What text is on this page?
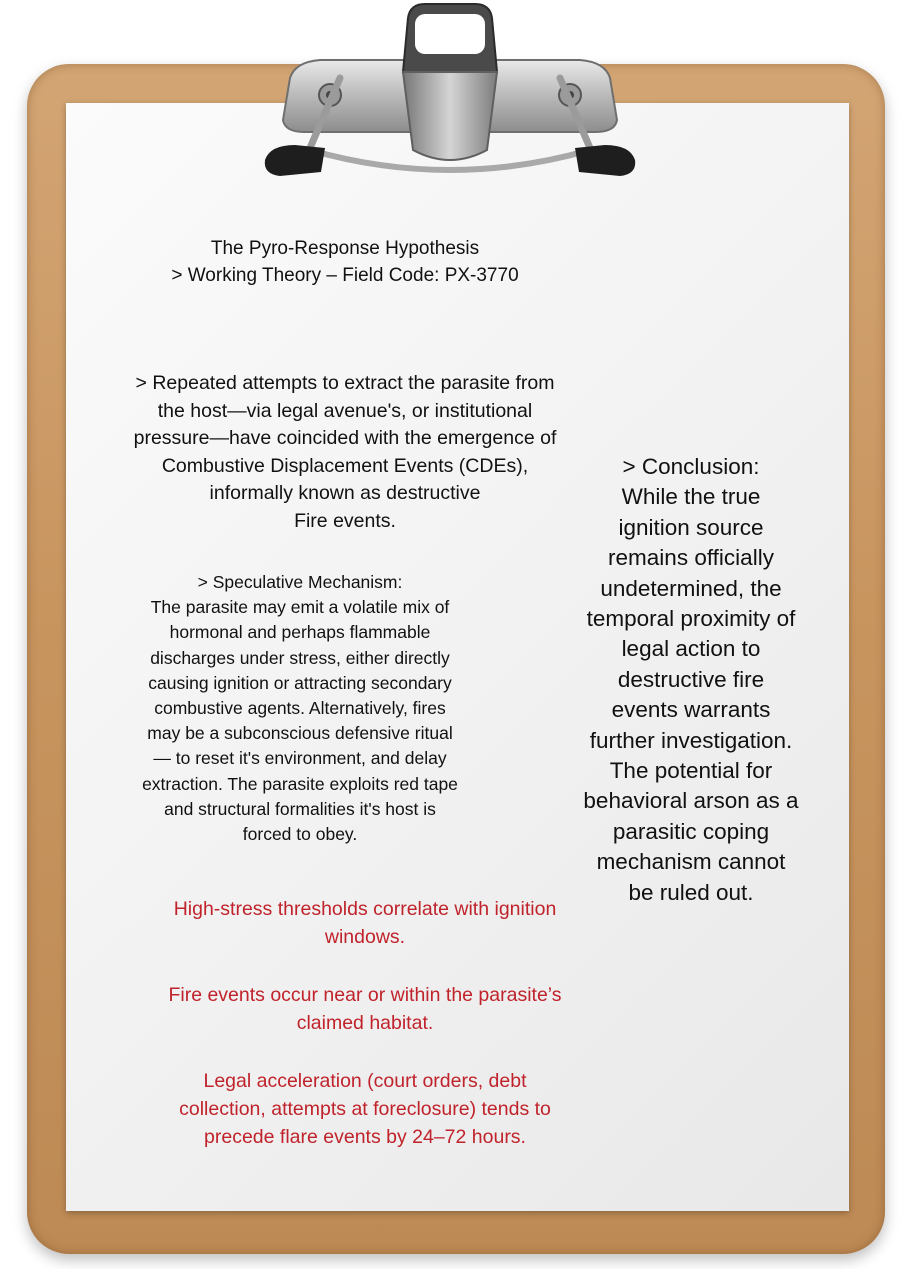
The Pyro-Response Hypothesis
> Working Theory – Field Code: PX-3770
> Repeated attempts to extract the parasite from
the host—via legal avenue's, or institutional
pressure—have coincided with the emergence of
Combustive Displacement Events (CDEs),
informally known as destructive
Fire events.
> Speculative Mechanism:
The parasite may emit a volatile mix of
hormonal and perhaps flammable
discharges under stress, either directly
causing ignition or attracting secondary
combustive agents. Alternatively, fires
may be a subconscious defensive ritual
— to reset it's environment, and delay
extraction. The parasite exploits red tape
and structural formalities it's host is
forced to obey.
> Conclusion:
While the true
ignition source
remains officially
undetermined, the
temporal proximity of
legal action to
destructive fire
events warrants
further investigation.
The potential for
behavioral arson as a
parasitic coping
mechanism cannot
be ruled out.

High-stress thresholds correlate with ignition
windows.

Fire events occur near or within the parasite’s
claimed habitat.

Legal acceleration (court orders, debt
collection, attempts at foreclosure) tends to
precede flare events by 24–72 hours.
